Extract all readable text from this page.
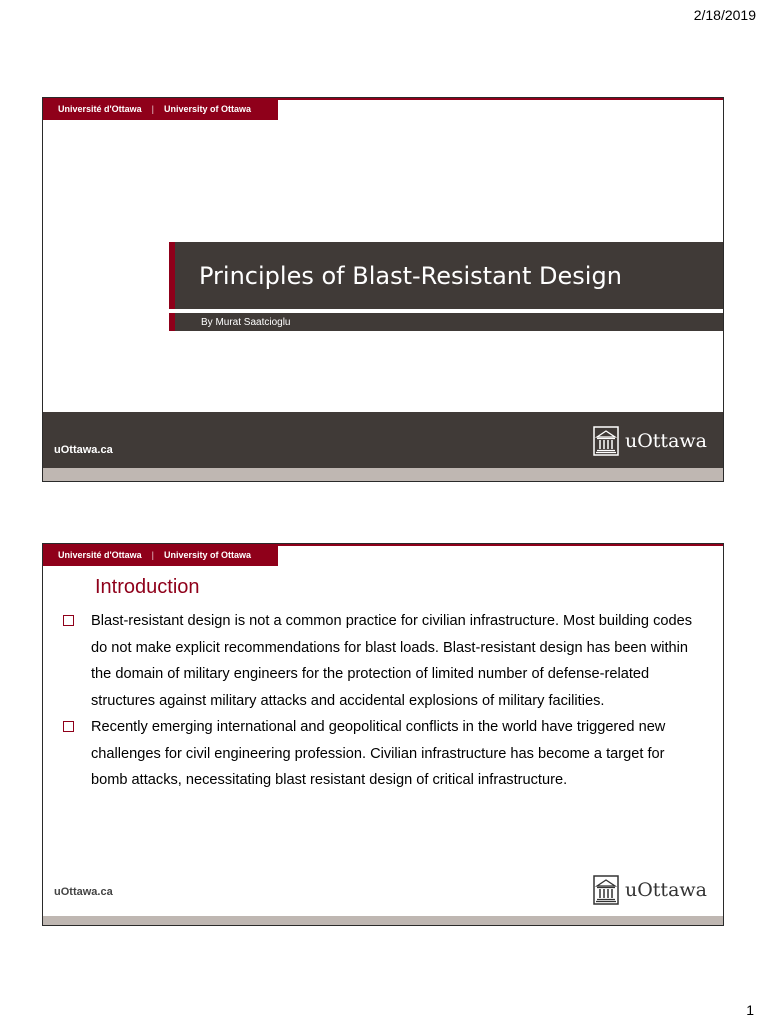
2/18/2019
Université d'Ottawa | University of Ottawa
Principles of Blast-Resistant Design
By Murat Saatcioglu
uOttawa.ca	uOttawa
Université d'Ottawa | University of Ottawa
Introduction
Blast-resistant design is not a common practice for civilian infrastructure. Most building codes do not make explicit recommendations for blast loads. Blast-resistant design has been within the domain of military engineers for the protection of limited number of defense-related structures against military attacks and accidental explosions of military facilities.
Recently emerging international and geopolitical conflicts in the world have triggered new challenges for civil engineering profession. Civilian infrastructure has become a target for bomb attacks, necessitating blast resistant design of critical infrastructure.
uOttawa.ca	uOttawa
1
